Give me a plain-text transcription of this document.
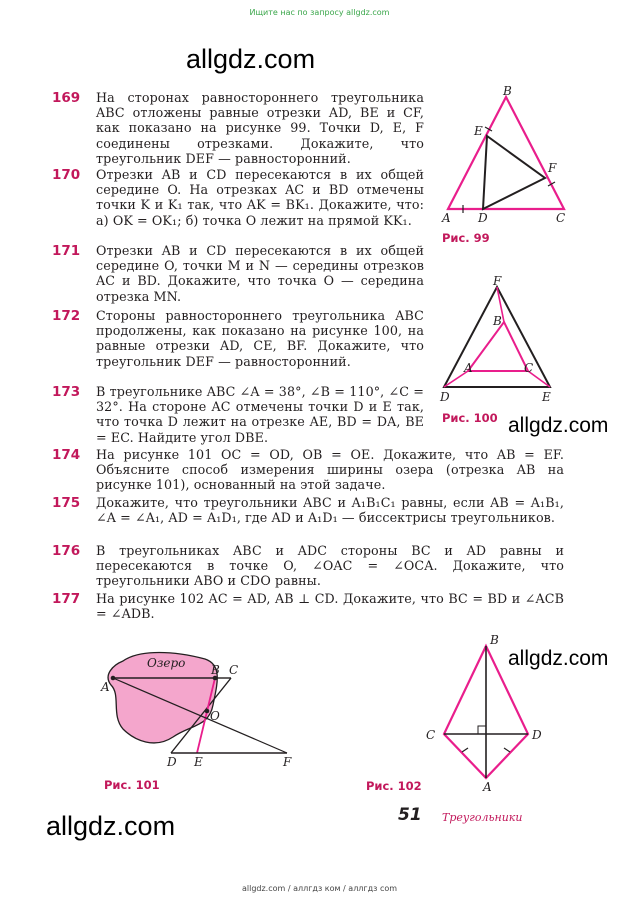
Ищите нас по запросу allgdz.com
allgdz.com
allgdz.com
allgdz.com
allgdz.com
169 На сторонах равностороннего треугольника ABC отложены равные отрезки AD, BE и CF, как показано на рисунке 99. Точки D, E, F соединены отрезками. Докажите, что треугольник DEF — равносторонний.
170 Отрезки AB и CD пересекаются в их общей середине O. На отрезках AC и BD отмечены точки K и K₁ так, что AK = BK₁. Докажите, что: а) OK = OK₁; б) точка O лежит на прямой KK₁.
171 Отрезки AB и CD пересекаются в их общей середине O, точки M и N — середины отрезков AC и BD. Докажите, что точка O — середина отрезка MN.
172 Стороны равностороннего треугольника ABC продолжены, как показано на рисунке 100, на равные отрезки AD, CE, BF. Докажите, что треугольник DEF — равносторонний.
173 В треугольнике ABC ∠A = 38°, ∠B = 110°, ∠C = 32°. На стороне AC отмечены точки D и E так, что точка D лежит на отрезке AE, BD = DA, BE = EC. Найдите угол DBE.
174 На рисунке 101 OC = OD, OB = OE. Докажите, что AB = EF. Объясните способ измерения ширины озера (отрезка AB на рисунке 101), основанный на этой задаче.
175 Докажите, что треугольники ABC и A₁B₁C₁ равны, если AB = A₁B₁, ∠A = ∠A₁, AD = A₁D₁, где AD и A₁D₁ — биссектрисы треугольников.
176 В треугольниках ABC и ADC стороны BC и AD равны и пересекаются в точке O, ∠OAC = ∠OCA. Докажите, что треугольники ABO и CDO равны.
177 На рисунке 102 AC = AD, AB ⊥ CD. Докажите, что BC = BD и ∠ACB = ∠ADB.
B
E
F
A D	C
Рис. 99
F
B
A	C
D	E
Рис. 100
Озеро
A
B C
O
D E	F
Рис. 101
B
C	D
A
Рис. 102
51 Треугольники
allgdz.com / аллгдз ком / аллгдз com
